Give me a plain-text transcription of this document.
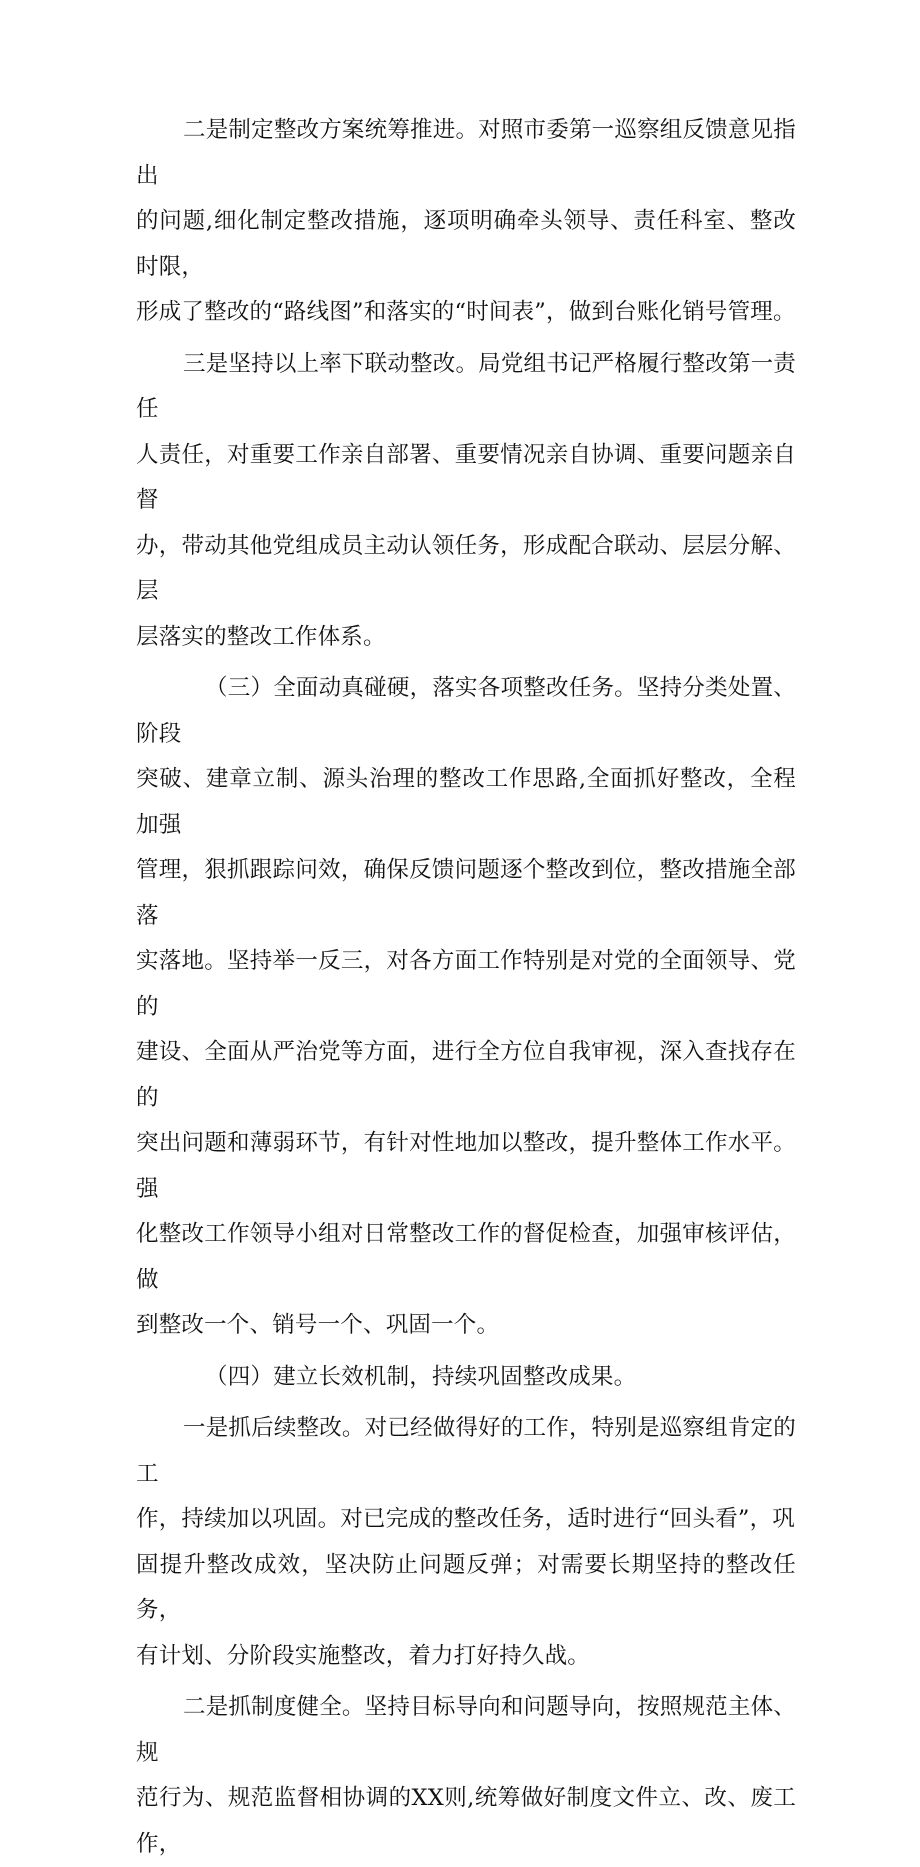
二是制定整改方案统筹推进。对照市委第一巡察组反馈意见指出
的问题,细化制定整改措施，逐项明确牵头领导、责任科室、整改时限，
形成了整改的“路线图”和落实的“时间表”，做到台账化销号管理。

三是坚持以上率下联动整改。局党组书记严格履行整改第一责任
人责任，对重要工作亲自部署、重要情况亲自协调、重要问题亲自督
办，带动其他党组成员主动认领任务，形成配合联动、层层分解、层
层落实的整改工作体系。

（三）全面动真碰硬，落实各项整改任务。坚持分类处置、阶段
突破、建章立制、源头治理的整改工作思路,全面抓好整改，全程加强
管理，狠抓跟踪问效，确保反馈问题逐个整改到位，整改措施全部落
实落地。坚持举一反三，对各方面工作特别是对党的全面领导、党的
建设、全面从严治党等方面，进行全方位自我审视，深入查找存在的
突出问题和薄弱环节，有针对性地加以整改，提升整体工作水平。强
化整改工作领导小组对日常整改工作的督促检查，加强审核评估，做
到整改一个、销号一个、巩固一个。

（四）建立长效机制，持续巩固整改成果。

一是抓后续整改。对已经做得好的工作，特别是巡察组肯定的工
作，持续加以巩固。对已完成的整改任务，适时进行“回头看”，巩
固提升整改成效，坚决防止问题反弹；对需要长期坚持的整改任务，
有计划、分阶段实施整改，着力打好持久战。

二是抓制度健全。坚持目标导向和问题导向，按照规范主体、规
范行为、规范监督相协调的XX则,统筹做好制度文件立、改、废工作，
